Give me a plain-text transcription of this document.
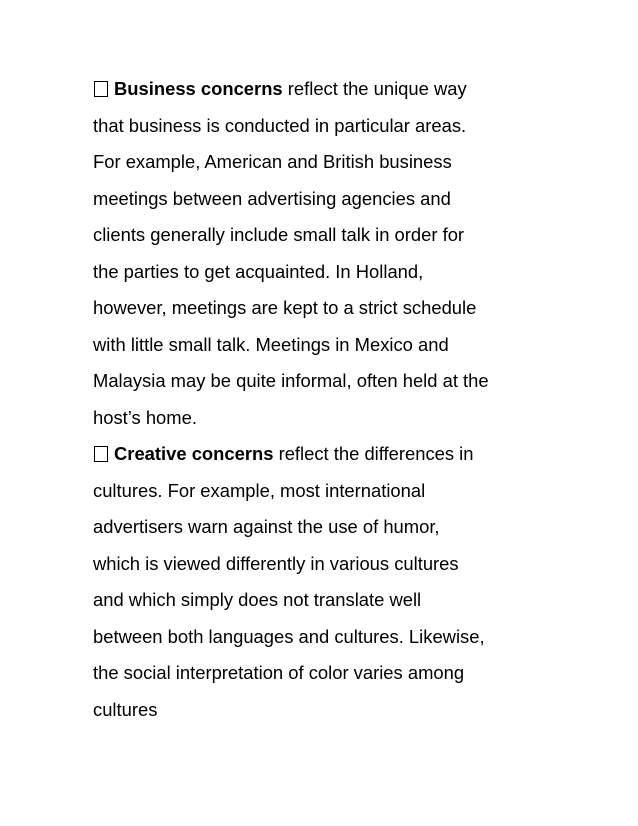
Business concerns reflect the unique way
that business is conducted in particular areas.
For example, American and British business
meetings between advertising agencies and
clients generally include small talk in order for
the parties to get acquainted. In Holland,
however, meetings are kept to a strict schedule
with little small talk. Meetings in Mexico and
Malaysia may be quite informal, often held at the
host’s home.
Creative concerns reflect the differences in
cultures. For example, most international
advertisers warn against the use of humor,
which is viewed differently in various cultures
and which simply does not translate well
between both languages and cultures. Likewise,
the social interpretation of color varies among
cultures
